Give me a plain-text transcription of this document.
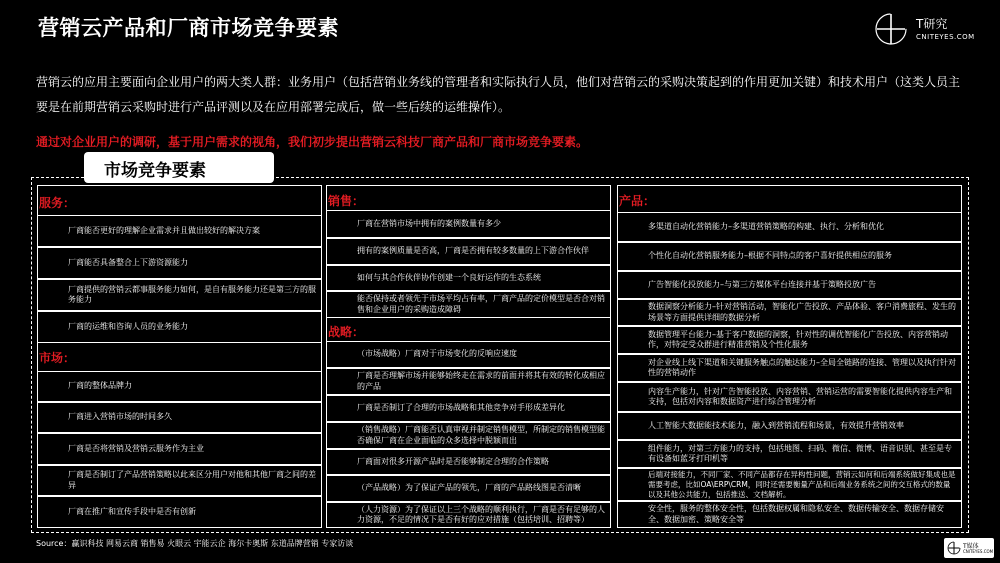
营销云产品和厂商市场竞争要素	T研究
CNITEYES.COM
营销云的应用主要面向企业用户的两大类人群：业务用户（包括营销业务线的管理者和实际执行人员，他们对营销云的采购决策起到的作用更加关键）和技术用户（这类人员主要是在前期营销云采购时进行产品评测以及在应用部署完成后，做一些后续的运维操作）。
通过对企业用户的调研，基于用户需求的视角，我们初步提出营销云科技厂商产品和厂商市场竞争要素。
市场竞争要素
服务：
厂商能否更好的理解企业需求并且做出较好的解决方案
厂商能否具备整合上下游资源能力
厂商提供的营销云都事服务能力如何，是自有服务能力还是第三方的服务能力
厂商的运维和咨询人员的业务能力
市场：
厂商的整体品牌力
厂商进入营销市场的时间多久
厂商是否将营销及营销云服务作为主业
厂商是否制订了产品营销策略以此来区分用户对他和其他厂商之间的差异
厂商在推广和宣传手段中是否有创新
销售：
厂商在营销市场中拥有的案例数量有多少
拥有的案例质量是否高，厂商是否拥有较多数量的上下游合作伙伴
如何与其合作伙伴协作创建一个良好运作的生态系统
能否保持或者领先于市场平均占有率，厂商产品的定价模型是否合对销售和企业用户的采购造成障碍
战略：
（市场战略）厂商对于市场变化的反响应速度
厂商是否理解市场并能够始终走在需求的前面并将其有效的转化成相应的产品
厂商是否制订了合理的市场战略和其他竞争对手形成差异化
（销售战略）厂商能否认真审视并制定销售模型，所制定的销售模型能否确保厂商在企业面临的众多选择中脱颖而出
厂商面对很多开源产品时是否能够制定合理的合作策略
（产品战略）为了保证产品的领先，厂商的产品路线图是否清晰
（人力资源）为了保证以上三个战略的顺利执行，厂商是否有足够的人力资源，不足的情况下是否有好的应对措施（包括培训、招聘等）
产品：
多渠道自动化营销能力–多渠道营销策略的构建、执行、分析和优化
个性化自动化营销服务能力–根据不同特点的客户喜好提供相应的服务
广告智能化投放能力–与第三方媒体平台连接并基于策略投放广告
数据洞察分析能力–针对营销活动，智能化广告投放、产品体验、客户消费旅程、发生的场景等方面提供详细的数据分析
数据管理平台能力–基于客户数据的洞察，针对性的调优智能化广告投放、内容营销动作，对特定受众群进行精准营销及个性化服务
对企业线上线下渠道和关键服务触点的触达能力–全局全链路的连接、管理以及执行针对性的营销动作
内容生产能力，针对广告智能投放、内容营销、营销运营的需要智能化提供内容生产和支持，包括对内容和数据资产进行综合管理分析
人工智能大数据能技术能力，融入到营销流程和场景，有效提升营销效率
组件能力，对第三方能力的支持，包括地图、扫码、微信、微博、语音识别、甚至是专有设备如蓝牙打印机等
后端对接能力，不同厂家、不同产品都存在异构性问题，营销云如何和后端系统做好集成也是需要考虑，比如OA\ERP\CRM，同时还需要衡量产品和后端业务系统之间的交互格式的数量以及其他公共能力，包括推送、文档解析。
安全性，服务的整体安全性，包括数据权属和隐私安全、数据传输安全、数据存储安全、数据加密、策略安全等
Source：赢识科技 网易云商 销售易 火眼云 宇能云企 海尔卡奥斯 东道品牌营销 专家访谈	T媒体
CNITEYES.COM
